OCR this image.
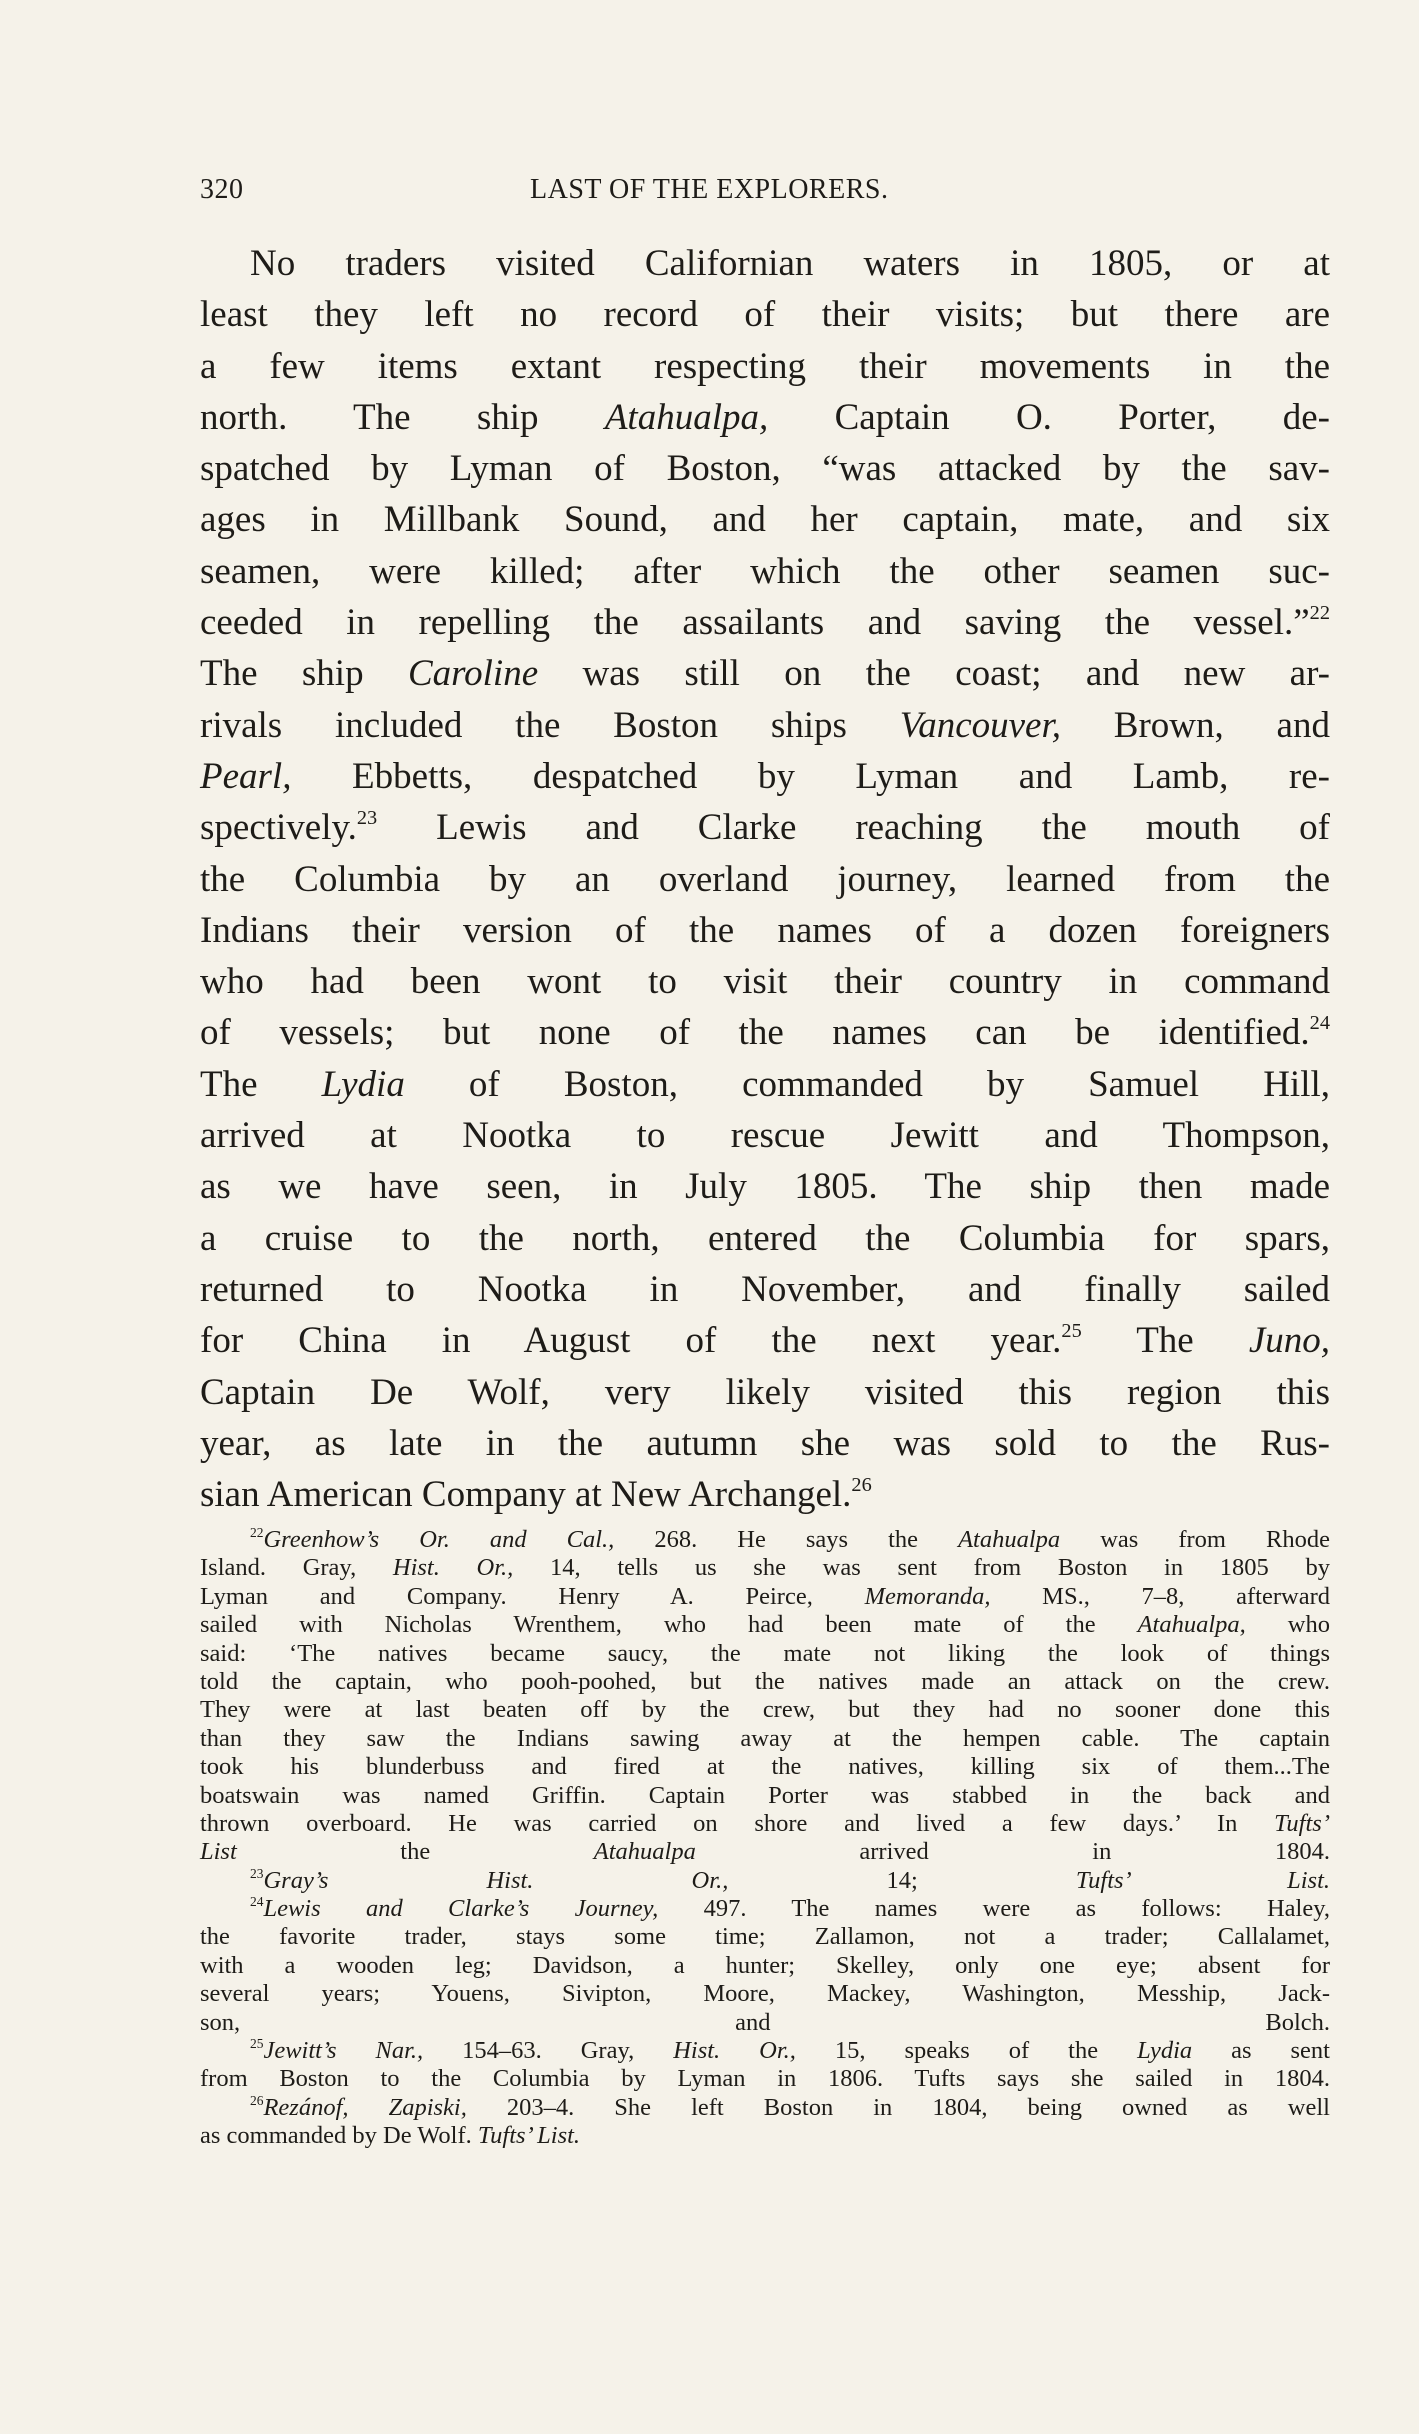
320	LAST OF THE EXPLORERS.
No traders visited Californian waters in 1805, or at
least they left no record of their visits; but there are
a few items extant respecting their movements in the
north. The ship Atahualpa, Captain O. Porter, de-
spatched by Lyman of Boston, “was attacked by the sav-
ages in Millbank Sound, and her captain, mate, and six
seamen, were killed; after which the other seamen suc-
ceeded in repelling the assailants and saving the vessel.”$^{22}$
The ship Caroline was still on the coast; and new ar-
rivals included the Boston ships Vancouver, Brown, and
Pearl, Ebbetts, despatched by Lyman and Lamb, re-
spectively.$^{23}$ Lewis and Clarke reaching the mouth of
the Columbia by an overland journey, learned from the
Indians their version of the names of a dozen foreigners
who had been wont to visit their country in command
of vessels; but none of the names can be identified.$^{24}$
The Lydia of Boston, commanded by Samuel Hill,
arrived at Nootka to rescue Jewitt and Thompson,
as we have seen, in July 1805. The ship then made
a cruise to the north, entered the Columbia for spars,
returned to Nootka in November, and finally sailed
for China in August of the next year.$^{25}$ The Juno,
Captain De Wolf, very likely visited this region this
year, as late in the autumn she was sold to the Rus-
sian American Company at New Archangel.$^{26}$
$^{22}$Greenhow’s Or. and Cal., 268. He says the Atahualpa was from Rhode
Island. Gray, Hist. Or., 14, tells us she was sent from Boston in 1805 by
Lyman and Company. Henry A. Peirce, Memoranda, MS., 7–8, afterward
sailed with Nicholas Wrenthem, who had been mate of the Atahualpa, who
said: ‘The natives became saucy, the mate not liking the look of things
told the captain, who pooh-poohed, but the natives made an attack on the crew.
They were at last beaten off by the crew, but they had no sooner done this
than they saw the Indians sawing away at the hempen cable. The captain
took his blunderbuss and fired at the natives, killing six of them...The
boatswain was named Griffin. Captain Porter was stabbed in the back and
thrown overboard. He was carried on shore and lived a few days.’ In Tufts’
List the Atahualpa arrived in 1804.
$^{23}$Gray’s Hist. Or., 14; Tufts’ List.
$^{24}$Lewis and Clarke’s Journey, 497. The names were as follows: Haley,
the favorite trader, stays some time; Zallamon, not a trader; Callalamet,
with a wooden leg; Davidson, a hunter; Skelley, only one eye; absent for
several years; Youens, Sivipton, Moore, Mackey, Washington, Mesship, Jack-
son, and Bolch.
$^{25}$Jewitt’s Nar., 154–63. Gray, Hist. Or., 15, speaks of the Lydia as sent
from Boston to the Columbia by Lyman in 1806. Tufts says she sailed in 1804.
$^{26}$Rezánof, Zapiski, 203–4. She left Boston in 1804, being owned as well
as commanded by De Wolf. Tufts’ List.
